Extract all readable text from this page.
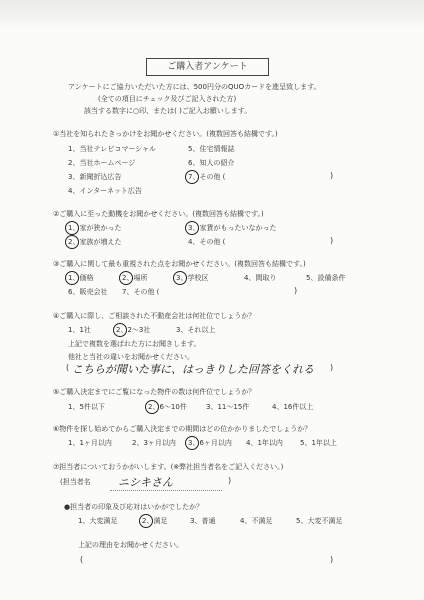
ご購入者アンケート
アンケートにご協力いただいた方には、500円分のQUOカードを進呈致します。
(全ての項目にチェック及びご記入された方)
該当する数字に○印、または( )ご記入お願いします。
①当社を知られたきっかけをお聞かせください。(複数回答も結構です。)
1、当社テレビコマーシャル	5、住宅情報誌
2、当社ホームページ	6、知人の紹介
3、新聞折込広告	7、その他 (	)
4、インターネット広告
②ご購入に至った動機をお聞かせください。(複数回答も結構です。)
1、家が狭かった	3、家賃がもったいなかった
2、家族が増えた	4、その他 (	)
③ご購入に関して最も重視された点をお聞かせください。(複数回答も結構です。)
1、価格	2、場所	3、学校区	4、間取り	5、設備条件
6、販売会社 7、その他 (	)
④ご購入に際し、ご相談された不動産会社は何社位でしょうか？
1、1社	2、2～3社	3、それ以上
上記で複数を選ばれた方にお聞きします。
他社と当社の違いをお聞かせください。
( こちらが聞いた事に、はっきりした回答をくれる )
⑤ご購入決定までにご覧になった物件の数は何件位でしょうか？
1、5件以下	2、6～10件	3、11～15件	4、16件以上
⑥物件を探し始めてからご購入決定までの期間はどの位かかりましたでしょうか？
1、1ヶ月以内	2、3ヶ月以内 3、6ヶ月以内 4、1年以内 5、1年以上
⑦担当者についておうかがいします。(※弊社担当者名をご記入ください。)
(担当者名 ニシキさん	)
●担当者の印象及び応対はいかがでしたか？
1、大変満足	2、満足	3、普通	4、不満足	5、大変不満足
上記の理由をお聞かせください。
(	)
